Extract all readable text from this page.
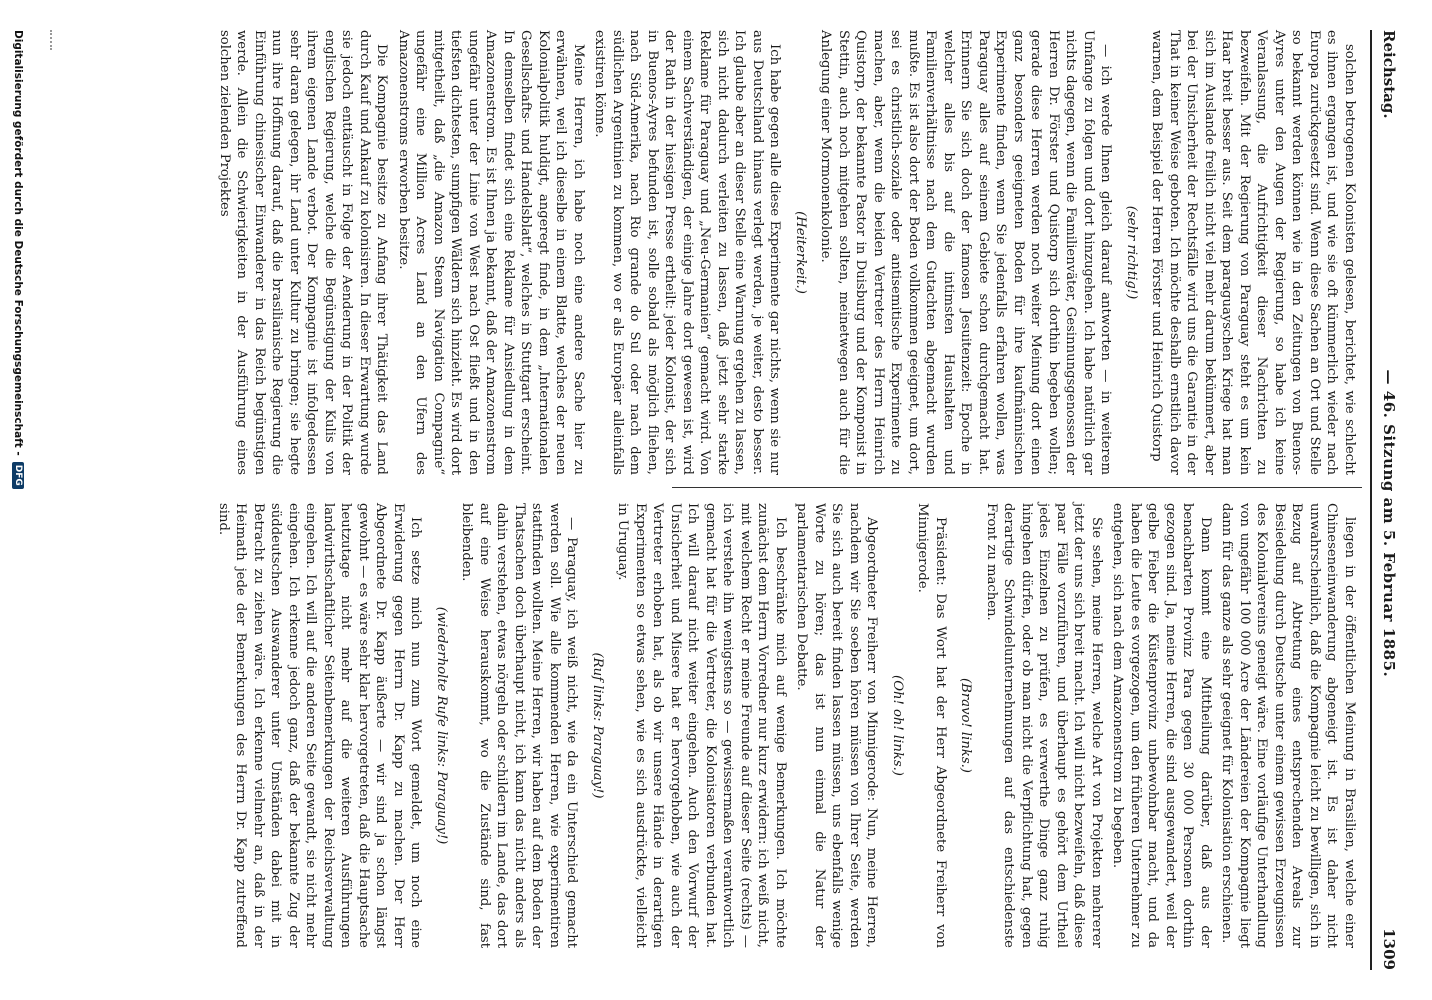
Reichstag.
— 46. Sitzung am 5. Februar 1885.
1309

solchen betrogenen Kolonisten gelesen, berichtet, wie schlecht es ihnen ergangen ist, und wie sie oft kümmerlich wieder nach Europa zurückgesetzt sind. Wenn diese Sachen an Ort und Stelle so bekannt werden können wie in den Zeitungen von Buenos-Ayres unter den Augen der Regierung, so habe ich keine Veranlassung, die Aufrichtigkeit dieser Nachrichten zu bezweifeln. Mit der Regierung von Paraguay steht es um kein Haar breit besser aus. Seit dem paraguayschen Kriege hat man sich im Auslande freilich nicht viel mehr darum bekümmert, aber bei der Unsicherheit der Rechtsfälle wird uns die Garantie in der That in keiner Weise geboten. Ich möchte deshalb ernstlich davor warnen, dem Beispiel der Herren Förster und Heinrich Quistorp

(sehr richtig!)

— ich werde Ihnen gleich darauf antworten — in weiterem Umfange zu folgen und dort hinzugehen. Ich habe natürlich gar nichts dagegen, wenn die Familienväter, Gesinnungsgenossen der Herren Dr. Förster und Quistorp sich dorthin begeben wollen; gerade diese Herren werden noch weiter Meinung dort einen ganz besonders geeigneten Boden für ihre kaufmännischen Experimente finden, wenn Sie jedenfalls erfahren wollen, was Paraguay alles auf seinem Gebiete schon durchgemacht hat. Erinnern Sie sich doch der famosen Jesuitenzeit: Epoche in welcher alles bis auf die intimsten Haushalten und Familienverhältnisse nach dem Gutachten abgemacht wurden mußte. Es ist also dort der Boden vollkommen geeignet, um dort, sei es christlich-soziale oder antisemitische Experimente zu machen, aber, wenn die beiden Vertreter des Herrn Heinrich Quistorp, der bekannte Pastor in Duisburg und der Komponist in Stettin, auch noch mitgehen sollten, meinetwegen auch für die Anlegung einer Mormonenkolonie.

(Heiterkeit.)

Ich habe gegen alle diese Experimente gar nichts, wenn sie nur aus Deutschland hinaus verlegt werden, je weiter, desto besser. Ich glaube aber an dieser Stelle eine Warnung ergehen zu lassen, sich nicht dadurch verleiten zu lassen, daß jetzt sehr starke Reklame für Paraguay und „Neu-Germanien“ gemacht wird. Von einem Sachverständigen, der einige Jahre dort gewesen ist, wird der Rath in der hiesigen Presse ertheilt: jeder Kolonist, der sich in Buenos-Ayres befunden ist, solle sobald als möglich fliehen, nach Süd-Amerika, nach Rio grande do Sul oder nach dem südlichen Argentinien zu kommen, wo er als Europäer alleinfalls existiren könne.

Meine Herren, ich habe noch eine andere Sache hier zu erwähnen, weil ich dieselbe in einem Blatte, welches der neuen Kolonialpolitik huldigt, angeregt finde, in dem „Internationalen Gesellschafts- und Handelsblatt“, welches in Stuttgart erscheint. In demselben findet sich eine Reklame für Ansiedlung in dem Amazonenstrom. Es ist Ihnen ja bekannt, daß der Amazonenstrom ungefähr unter der Linie von West nach Ost fließt und in den tiefsten dichtesten, sumpfigen Wäldern sich hinzieht. Es wird dort mitgetheilt, daß „die Amazon Steam Navigation Compagnie“ ungefähr eine Million Acres Land an den Ufern des Amazonenstroms erworben besitze.

Die Kompagnie besitze zu Anfang ihrer Thätigkeit das Land durch Kauf und Ankauf zu kolonisiren. In dieser Erwartung wurde sie jedoch enttäuscht in Folge der Aenderung in der Politik der englischen Regierung, welche die Begünstigung der Kulis von ihrem eigenen Lande verbot. Der Kompagnie ist infolgedessen sehr daran gelegen, ihr Land unter Kultur zu bringen; sie hegte nun ihre Hoffnung darauf, daß die brasilianische Regierung die Einführung chinesischer Einwanderer in das Reich begünstigen werde. Allein die Schwierigkeiten in der Ausführung eines solchen zielenden Projektes

liegen in der öffentlichen Meinung in Brasilien, welche einer Chineseneinwanderung abgeneigt ist. Es ist daher nicht unwahrscheinlich, daß die Kompagnie leicht zu bewilligen, sich in Bezug auf Abtretung eines entsprechenden Areals zur Besiedelung durch Deutsche unter einem gewissen Erzeugnissen des Kolonialvereins geneigt wäre. Eine vorläufige Unterhandlung von ungefähr 100 000 Acre der Ländereien der Kompagnie liegt dann für das ganze als sehr geeignet für Kolonisation erschienen.

Dann kommt eine Mittheilung darüber, daß aus der benachbarten Provinz Para gegen 30 000 Personen dorthin gezogen sind. Ja, meine Herren, die sind ausgewandert, weil der gelbe Fieber die Küstenprovinz unbewohnbar macht, und da haben die Leute es vorgezogen, um den früheren Unternehmer zu entgehen, sich nach dem Amazonenstrom zu begeben.

Sie sehen, meine Herren, welche Art von Projekten mehrerer jetzt der uns sich breit macht. Ich will nicht bezweifeln, daß diese paar Fälle vorzuführen, und überhaupt es gehört dem Urtheil jedes Einzelnen zu prüfen, es verwerthe Dinge ganz ruhig hingehen dürfen, oder ob man nicht die Verpflichtung hat, gegen derartige Schwindelunternehmungen auf das entschiedenste Front zu machen.

(Bravo! links.)

Präsident: Das Wort hat der Herr Abgeordnete Freiherr von Minnigerode.

(Oh! oh! links.)

Abgeordneter Freiherr von Minnigerode: Nun, meine Herren, nachdem wir Sie soeben hören müssen von Ihrer Seite, werden Sie sich auch bereit finden lassen müssen, uns ebenfalls wenige Worte zu hören; das ist nun einmal die Natur der parlamentarischen Debatte.

Ich beschränke mich auf wenige Bemerkungen. Ich möchte zunächst dem Herrn Vorredner nur kurz erwidern: ich weiß nicht, mit welchem Recht er meine Freunde auf dieser Seite (rechts) — ich verstehe ihn wenigstens so — gewissermaßen verantwortlich gemacht hat für die Vertreter, die Kolonisatoren verbunden hat. Ich will darauf nicht weiter eingehen. Auch den Vorwurf der Unsicherheit und Misere hat er hervorgehoben, wie auch der Vertreter erhoben hat, als ob wir unsere Hände in derartigen Experimenten so etwas sehen, wie es sich ausdrückte, vielleicht in Uruguay.

(Ruf links: Paraguay!)

— Paraguay, ich weiß nicht, wie da ein Unterschied gemacht werden soll. Wie alle kommenden Herren, wie experimentiren stattfinden wollten. Meine Herren, wir haben auf dem Boden der Thatsachen doch überhaupt nicht, ich kann das nicht anders als dahin verstehen, etwas nörgeln oder schildern im Lande, das dort auf eine Weise herauskommt, wo die Zustände sind, fast bleibenden.

(wiederholte Rufe links: Paraguay!)

Ich setze mich nun zum Wort gemeldet, um noch eine Erwiderung gegen Herrn Dr. Kapp zu machen. Der Herr Abgeordnete Dr. Kapp äußerte — wir sind ja schon längst gewohnt — es wäre sehr klar hervorgetreten, daß die Hauptsache heutzutage nicht mehr auf die weiteren Ausführungen landwirthschaftlicher Seitenbemerkungen der Reichsverwaltung eingehen. Ich will auf die anderen Seite gewandt, sie nicht mehr eingehen. Ich erkenne jedoch ganz, daß der bekannte Zug der süddeutschen Auswanderer unter Umständen dabei mit in Betracht zu ziehen wäre. Ich erkenne vielmehr an, daß in der Heimath jede der Bemerkungen des Herrn Dr. Kapp zutreffend sind.

Digitalisierung gefördert durch die Deutsche Forschungsgemeinschaft -
DFG
